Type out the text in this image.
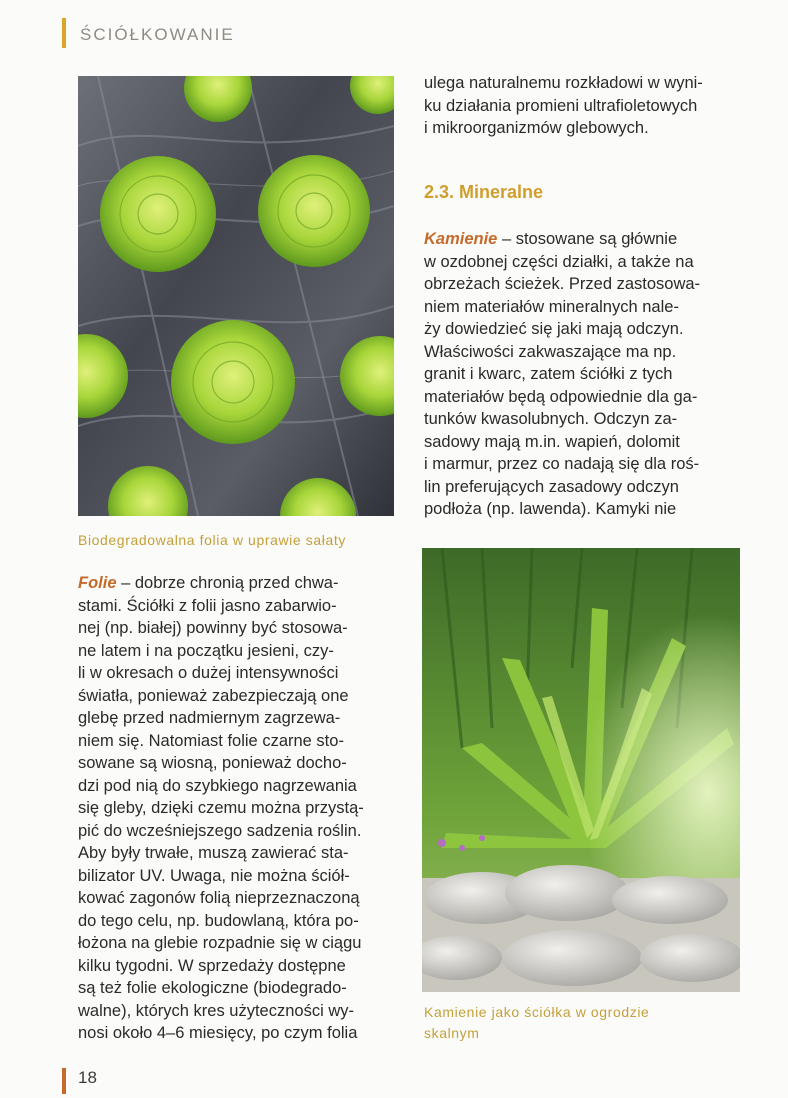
ŚCIÓŁKOWANIE
Biodegradowalna folia w uprawie sałaty
ulega naturalnemu rozkładowi w wyni-
ku działania promieni ultrafioletowych
i mikroorganizmów glebowych.
2.3. Mineralne
Kamienie – stosowane są głównie
w ozdobnej części działki, a także na
obrzeżach ścieżek. Przed zastosowa-
niem materiałów mineralnych nale-
ży dowiedzieć się jaki mają odczyn.
Właściwości zakwaszające ma np.
granit i kwarc, zatem ściółki z tych
materiałów będą odpowiednie dla ga-
tunków kwasolubnych. Odczyn za-
sadowy mają m.in. wapień, dolomit
i marmur, przez co nadają się dla roś-
lin preferujących zasadowy odczyn
podłoża (np. lawenda). Kamyki nie
Kamienie jako ściółka w ogrodzie
skalnym
Folie – dobrze chronią przed chwa-
stami. Ściółki z folii jasno zabarwio-
nej (np. białej) powinny być stosowa-
ne latem i na początku jesieni, czy-
li w okresach o dużej intensywności
światła, ponieważ zabezpieczają one
glebę przed nadmiernym zagrzewa-
niem się. Natomiast folie czarne sto-
sowane są wiosną, ponieważ docho-
dzi pod nią do szybkiego nagrzewania
się gleby, dzięki czemu można przystą-
pić do wcześniejszego sadzenia roślin.
Aby były trwałe, muszą zawierać sta-
bilizator UV. Uwaga, nie można ściół-
kować zagonów folią nieprzeznaczoną
do tego celu, np. budowlaną, która po-
łożona na glebie rozpadnie się w ciągu
kilku tygodni. W sprzedaży dostępne
są też folie ekologiczne (biodegrado-
walne), których kres użyteczności wy-
nosi około 4–6 miesięcy, po czym folia
18
